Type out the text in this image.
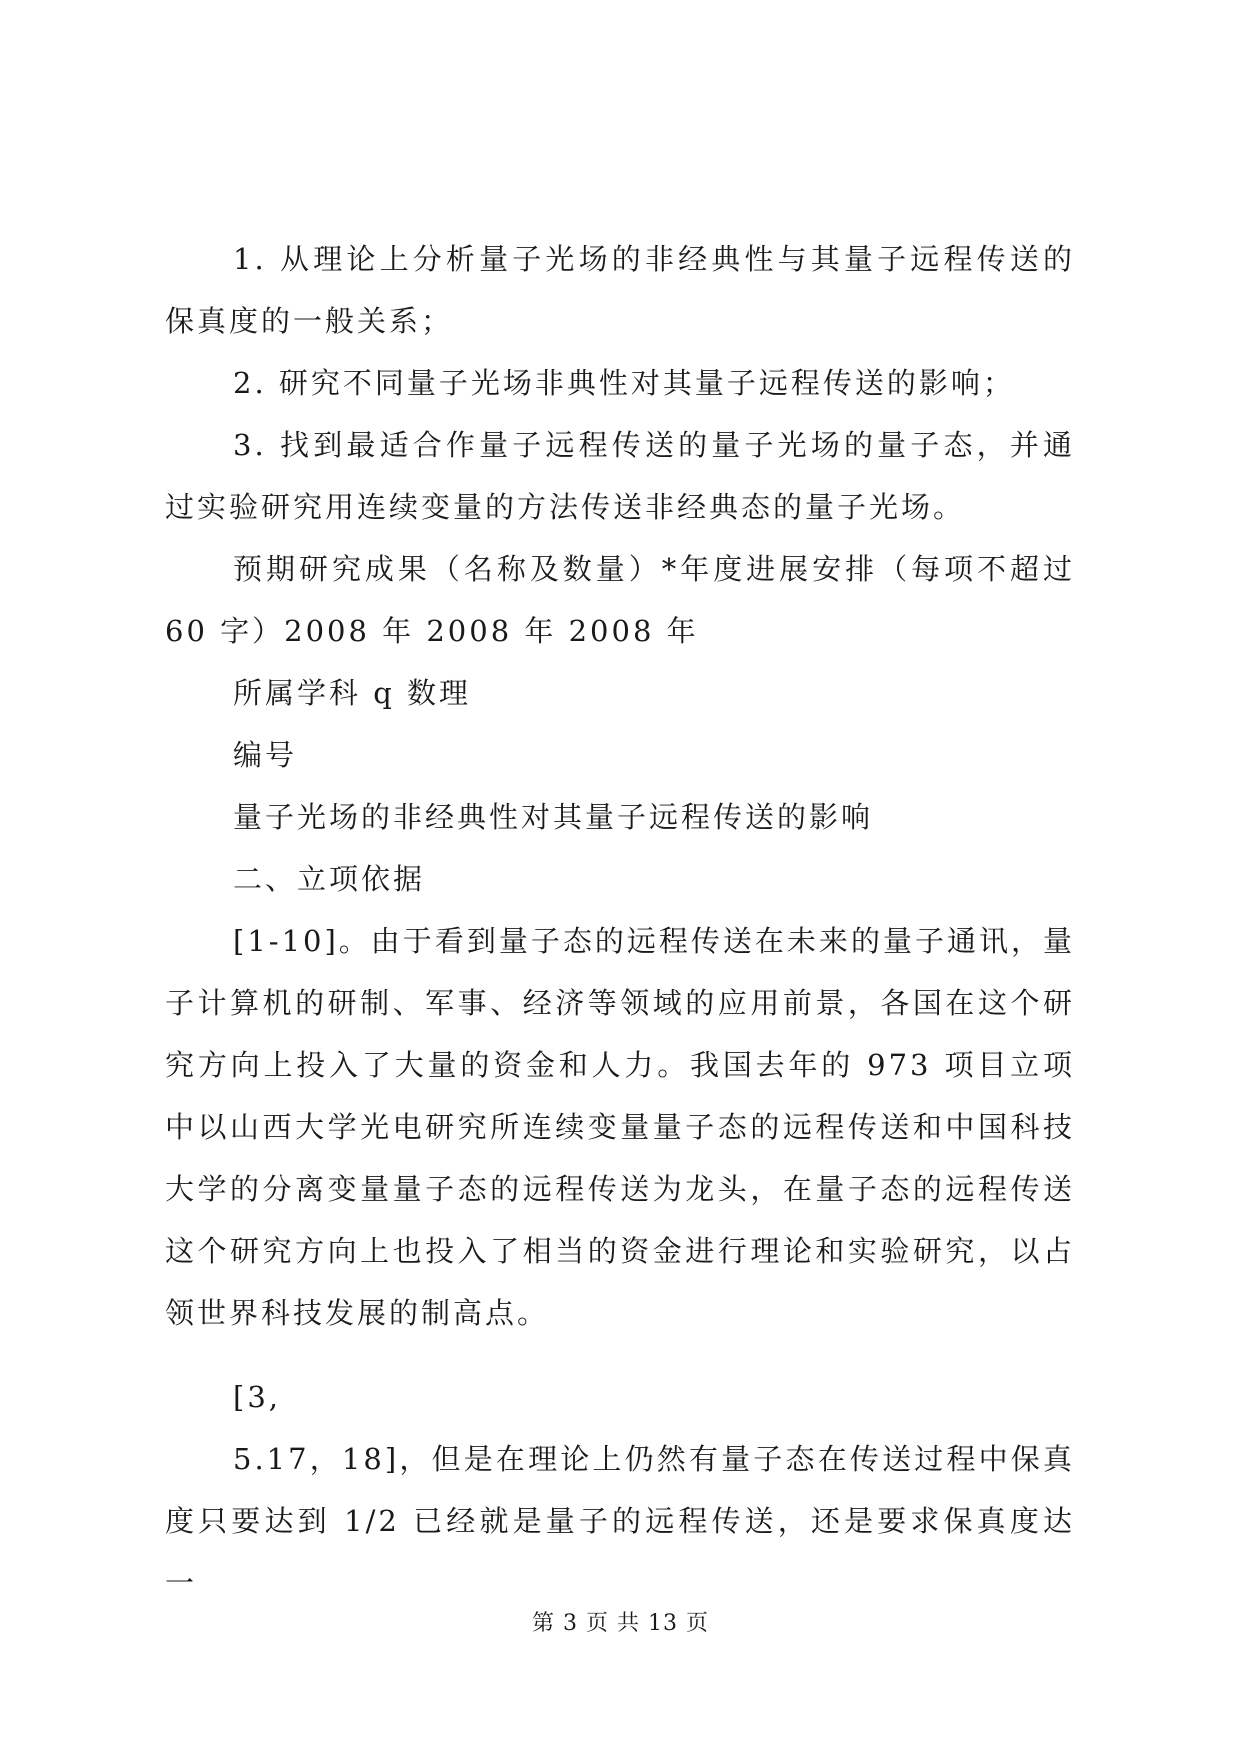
1. 从理论上分析量子光场的非经典性与其量子远程传送的保真度的一般关系；

2. 研究不同量子光场非典性对其量子远程传送的影响；

3. 找到最适合作量子远程传送的量子光场的量子态，并通过实验研究用连续变量的方法传送非经典态的量子光场。

预期研究成果（名称及数量）*年度进展安排（每项不超过 60 字）2008 年 2008 年 2008 年

所属学科 q 数理

编号

量子光场的非经典性对其量子远程传送的影响

二、立项依据

[1-10]。由于看到量子态的远程传送在未来的量子通讯，量子计算机的研制、军事、经济等领域的应用前景，各国在这个研究方向上投入了大量的资金和人力。我国去年的 973 项目立项中以山西大学光电研究所连续变量量子态的远程传送和中国科技大学的分离变量量子态的远程传送为龙头，在量子态的远程传送这个研究方向上也投入了相当的资金进行理论和实验研究，以占领世界科技发展的制高点。

[3,

5.17，18]，但是在理论上仍然有量子态在传送过程中保真度只要达到 1/2 已经就是量子的远程传送，还是要求保真度达一

第 3 页 共 13 页
